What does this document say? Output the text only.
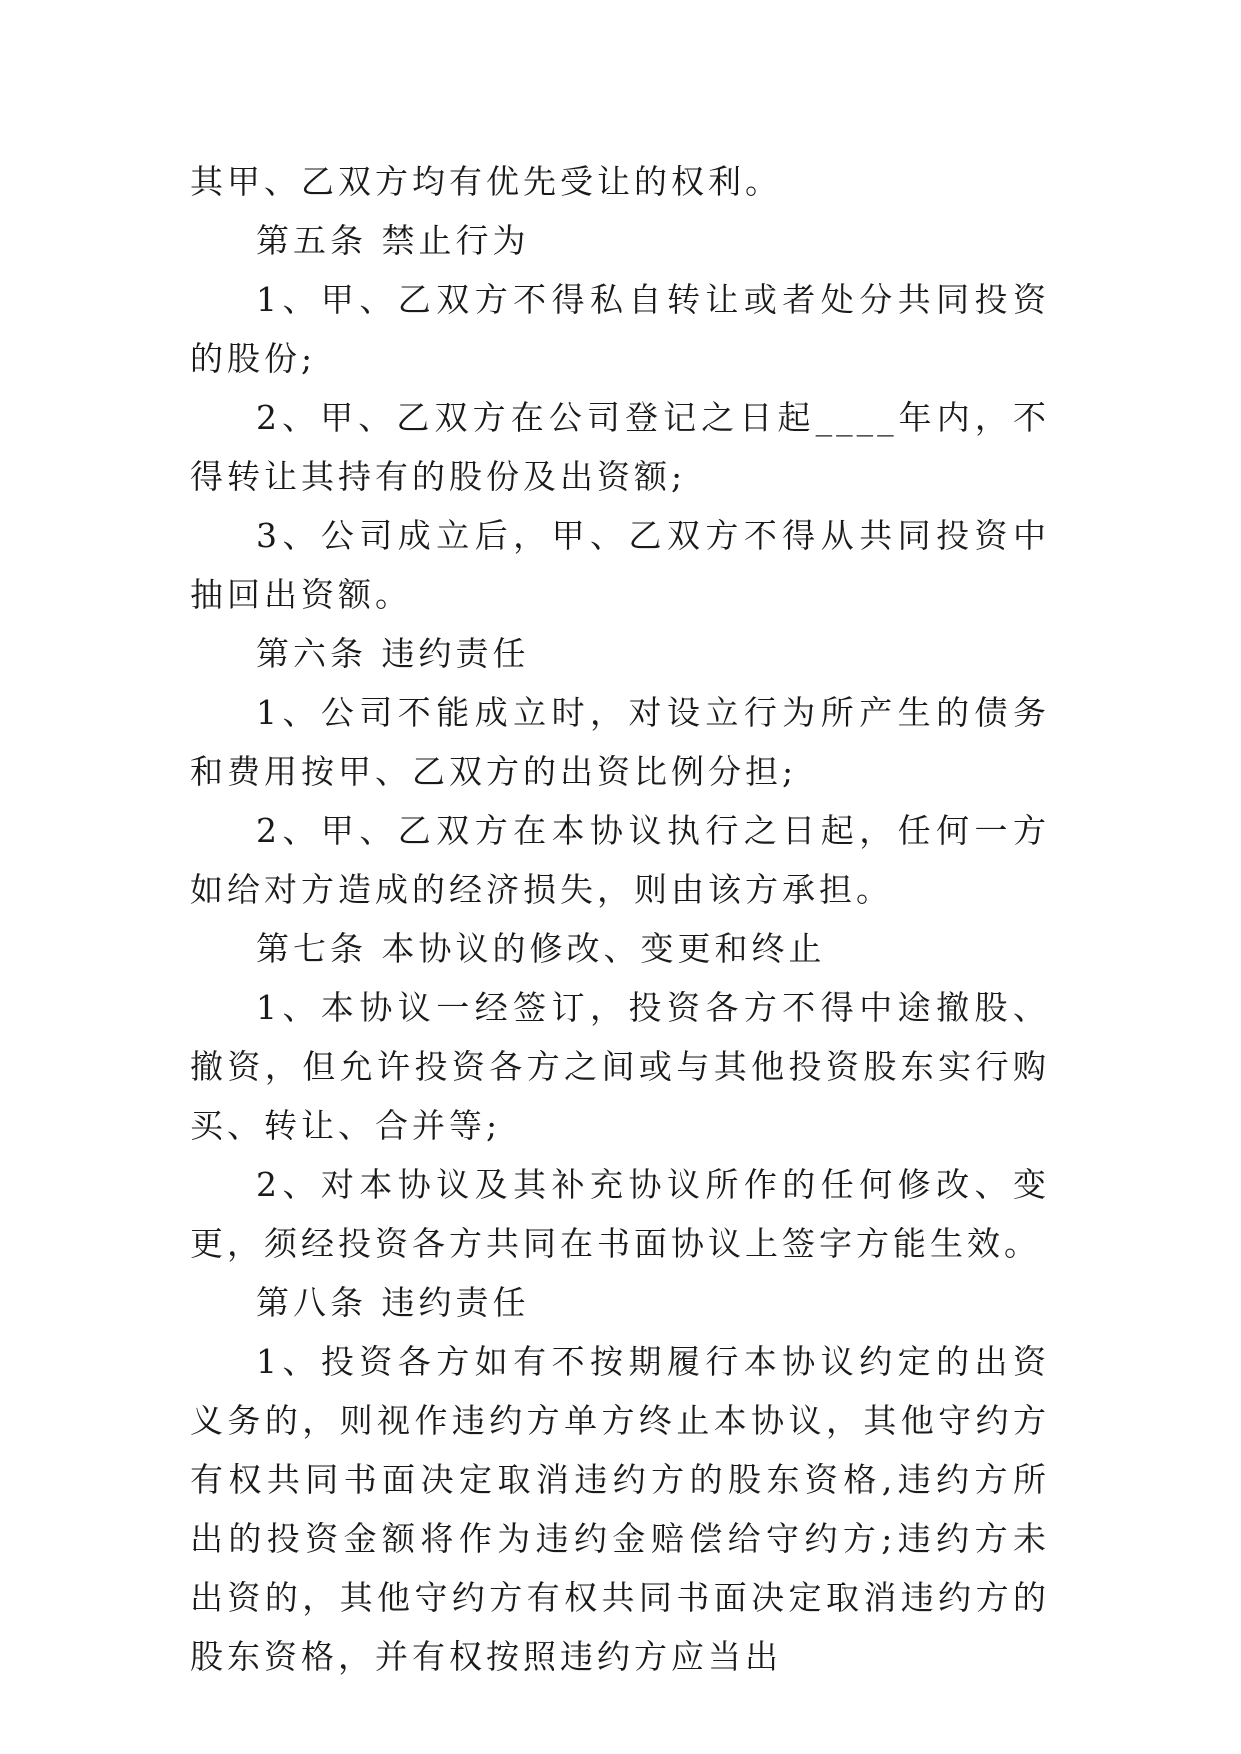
其甲、乙双方均有优先受让的权利。

第五条 禁止行为

1、甲、乙双方不得私自转让或者处分共同投资的股份;

2、甲、乙双方在公司登记之日起____年内，不得转让其持有的股份及出资额;

3、公司成立后，甲、乙双方不得从共同投资中抽回出资额。

第六条 违约责任

1、公司不能成立时，对设立行为所产生的债务和费用按甲、乙双方的出资比例分担;

2、甲、乙双方在本协议执行之日起，任何一方如给对方造成的经济损失，则由该方承担。

第七条 本协议的修改、变更和终止

1、本协议一经签订，投资各方不得中途撤股、撤资，但允许投资各方之间或与其他投资股东实行购买、转让、合并等;

2、对本协议及其补充协议所作的任何修改、变更，须经投资各方共同在书面协议上签字方能生效。

第八条 违约责任

1、投资各方如有不按期履行本协议约定的出资义务的，则视作违约方单方终止本协议，其他守约方有权共同书面决定取消违约方的股东资格,违约方所出的投资金额将作为违约金赔偿给守约方;违约方未出资的，其他守约方有权共同书面决定取消违约方的股东资格，并有权按照违约方应当出
